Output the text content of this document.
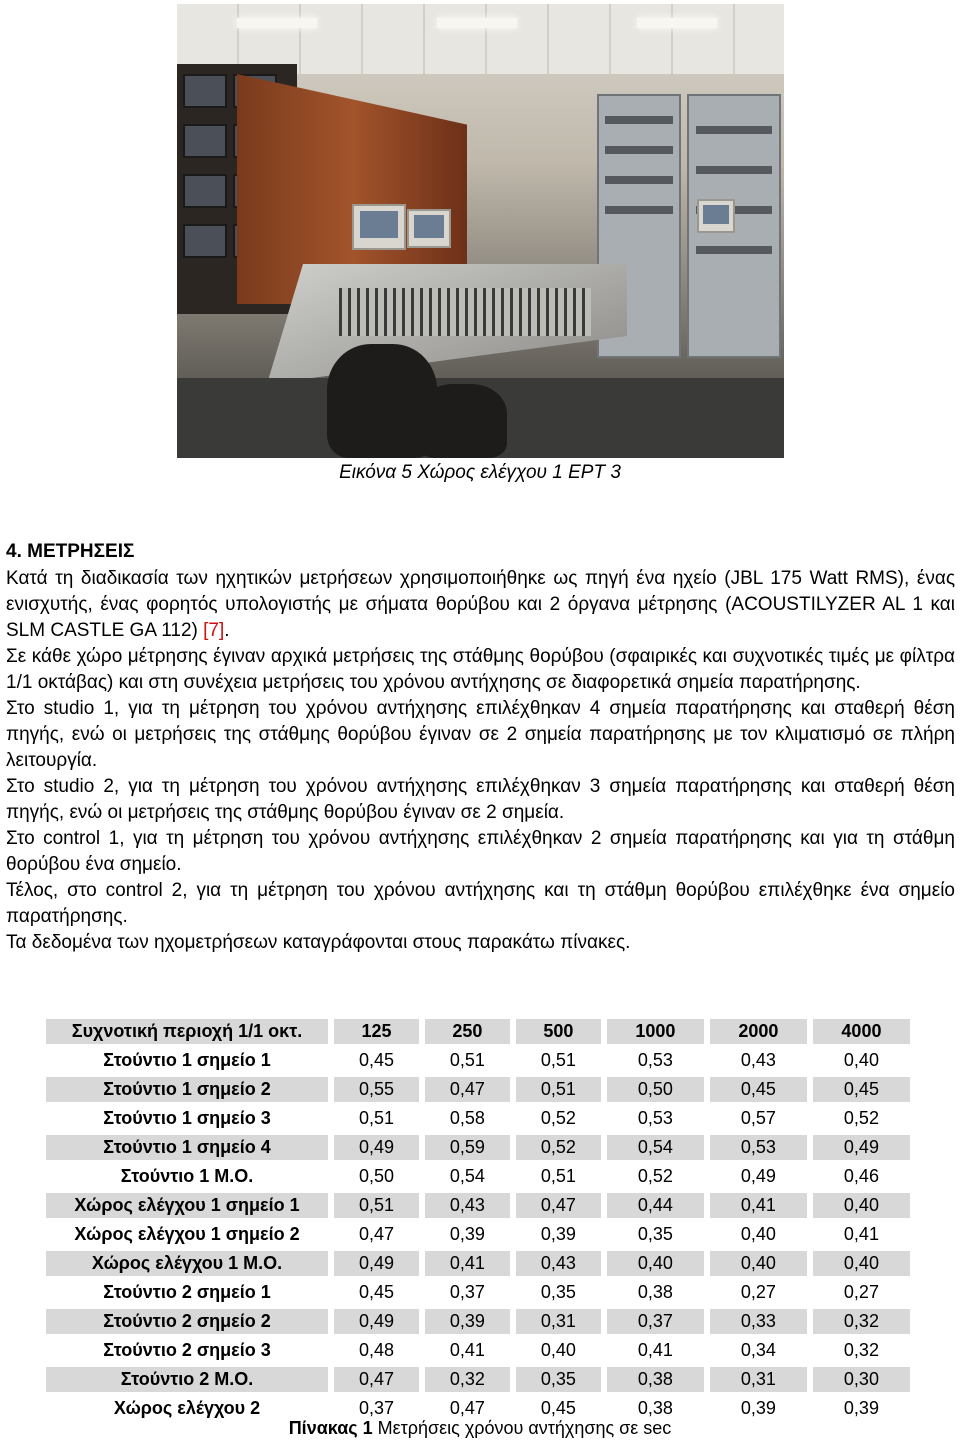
Εικόνα 5 Χώρος ελέγχου 1 ΕΡΤ 3
4. ΜΕΤΡΗΣΕΙΣ

Κατά τη διαδικασία των ηχητικών μετρήσεων χρησιμοποιήθηκε ως πηγή ένα ηχείο (JBL 175 Watt RMS), ένας ενισχυτής, ένας φορητός υπολογιστής με σήματα θορύβου και 2 όργανα μέτρησης (ACOUSTILYZER AL 1 και SLM CASTLE GA 112) [7].

Σε κάθε χώρο μέτρησης έγιναν αρχικά μετρήσεις της στάθμης θορύβου (σφαιρικές και συχνοτικές τιμές με φίλτρα 1/1 οκτάβας) και στη συνέχεια μετρήσεις του χρόνου αντήχησης σε διαφορετικά σημεία παρατήρησης.

Στο studio 1, για τη μέτρηση του χρόνου αντήχησης επιλέχθηκαν 4 σημεία παρατήρησης και σταθερή θέση πηγής, ενώ οι μετρήσεις της στάθμης θορύβου έγιναν σε 2 σημεία παρατήρησης με τον κλιματισμό σε πλήρη λειτουργία.

Στο studio 2, για τη μέτρηση του χρόνου αντήχησης επιλέχθηκαν 3 σημεία παρατήρησης και σταθερή θέση πηγής, ενώ οι μετρήσεις της στάθμης θορύβου έγιναν σε 2 σημεία.

Στο control 1, για τη μέτρηση του χρόνου αντήχησης επιλέχθηκαν 2 σημεία παρατήρησης και για τη στάθμη θορύβου ένα σημείο.

Τέλος, στο control 2, για τη μέτρηση του χρόνου αντήχησης και τη στάθμη θορύβου επιλέχθηκε ένα σημείο παρατήρησης.

Τα δεδομένα των ηχομετρήσεων καταγράφονται στους παρακάτω πίνακες.

Συχνοτική περιοχή 1/1 οκτ.	125	250	500	1000	2000	4000
Στούντιο 1 σημείο 1	0,45	0,51	0,51	0,53	0,43	0,40
Στούντιο 1 σημείο 2	0,55	0,47	0,51	0,50	0,45	0,45
Στούντιο 1 σημείο 3	0,51	0,58	0,52	0,53	0,57	0,52
Στούντιο 1 σημείο 4	0,49	0,59	0,52	0,54	0,53	0,49
Στούντιο 1 Μ.Ο.	0,50	0,54	0,51	0,52	0,49	0,46
Χώρος ελέγχου 1 σημείο 1	0,51	0,43	0,47	0,44	0,41	0,40
Χώρος ελέγχου 1 σημείο 2	0,47	0,39	0,39	0,35	0,40	0,41
Χώρος ελέγχου 1 Μ.Ο.	0,49	0,41	0,43	0,40	0,40	0,40
Στούντιο 2 σημείο 1	0,45	0,37	0,35	0,38	0,27	0,27
Στούντιο 2 σημείο 2	0,49	0,39	0,31	0,37	0,33	0,32
Στούντιο 2 σημείο 3	0,48	0,41	0,40	0,41	0,34	0,32
Στούντιο 2 Μ.Ο.	0,47	0,32	0,35	0,38	0,31	0,30
Χώρος ελέγχου 2	0,37	0,47	0,45	0,38	0,39	0,39
Πίνακας 1 Μετρήσεις χρόνου αντήχησης σε sec
